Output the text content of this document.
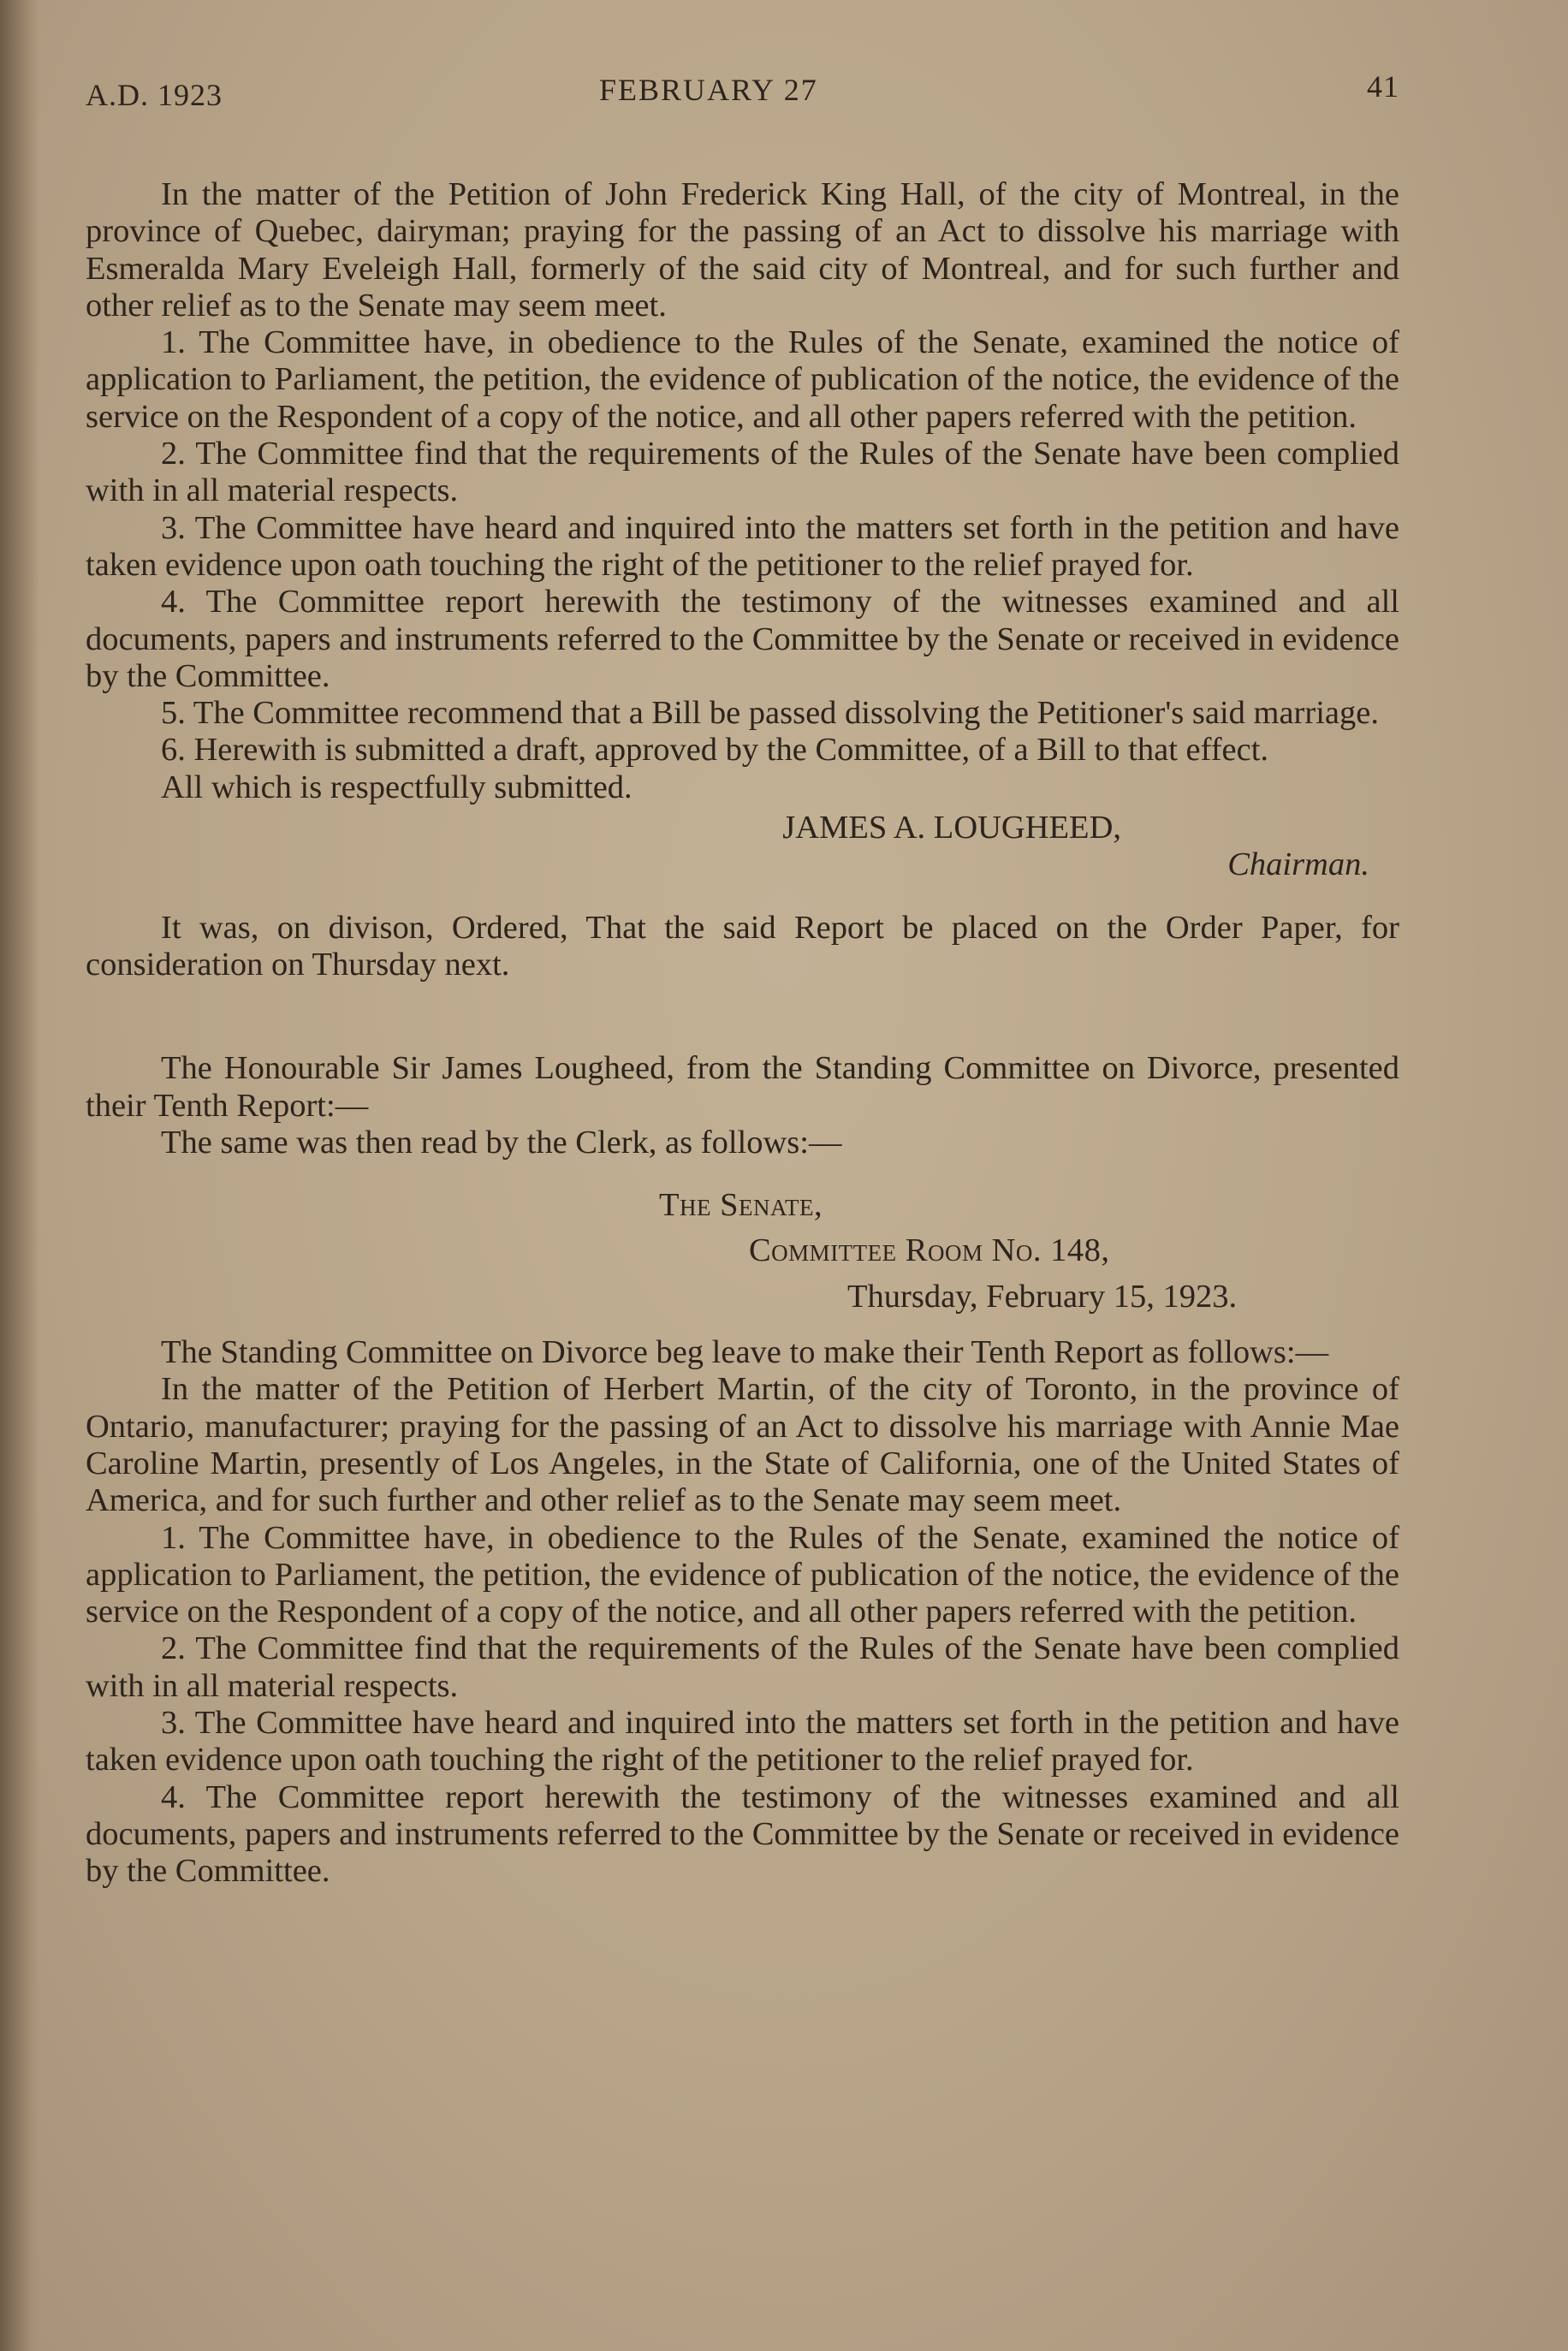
A.D. 1923	FEBRUARY 27	41

In the matter of the Petition of John Frederick King Hall, of the city of Montreal, in the province of Quebec, dairyman; praying for the passing of an Act to dissolve his marriage with Esmeralda Mary Eveleigh Hall, formerly of the said city of Montreal, and for such further and other relief as to the Senate may seem meet.

1. The Committee have, in obedience to the Rules of the Senate, examined the notice of application to Parliament, the petition, the evidence of publication of the notice, the evidence of the service on the Respondent of a copy of the notice, and all other papers referred with the petition.

2. The Committee find that the requirements of the Rules of the Senate have been complied with in all material respects.

3. The Committee have heard and inquired into the matters set forth in the petition and have taken evidence upon oath touching the right of the petitioner to the relief prayed for.

4. The Committee report herewith the testimony of the witnesses examined and all documents, papers and instruments referred to the Committee by the Senate or received in evidence by the Committee.

5. The Committee recommend that a Bill be passed dissolving the Petitioner's said marriage.

6. Herewith is submitted a draft, approved by the Committee, of a Bill to that effect.

All which is respectfully submitted.

JAMES A. LOUGHEED,
Chairman.

It was, on divison, Ordered, That the said Report be placed on the Order Paper, for consideration on Thursday next.

The Honourable Sir James Lougheed, from the Standing Committee on Divorce, presented their Tenth Report:—

The same was then read by the Clerk, as follows:—

The Senate,
Committee Room No. 148,
Thursday, February 15, 1923.

The Standing Committee on Divorce beg leave to make their Tenth Report as follows:—

In the matter of the Petition of Herbert Martin, of the city of Toronto, in the province of Ontario, manufacturer; praying for the passing of an Act to dissolve his marriage with Annie Mae Caroline Martin, presently of Los Angeles, in the State of California, one of the United States of America, and for such further and other relief as to the Senate may seem meet.

1. The Committee have, in obedience to the Rules of the Senate, examined the notice of application to Parliament, the petition, the evidence of publication of the notice, the evidence of the service on the Respondent of a copy of the notice, and all other papers referred with the petition.

2. The Committee find that the requirements of the Rules of the Senate have been complied with in all material respects.

3. The Committee have heard and inquired into the matters set forth in the petition and have taken evidence upon oath touching the right of the petitioner to the relief prayed for.

4. The Committee report herewith the testimony of the witnesses examined and all documents, papers and instruments referred to the Committee by the Senate or received in evidence by the Committee.
